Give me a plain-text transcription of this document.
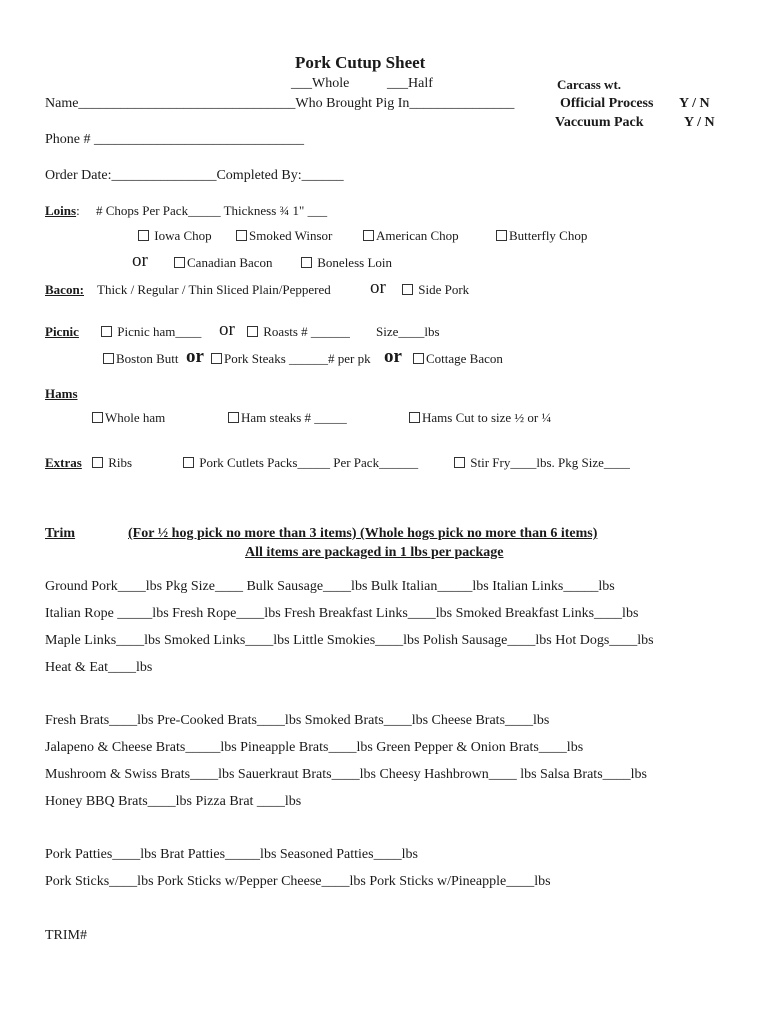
Pork Cutup Sheet
___Whole	___Half	Carcass wt.
Name_______________________________Who Brought Pig In_______________	Official Process Y / N
Vaccuum Pack	Y / N
Phone # ______________________________
Order Date:_______________Completed By:______
Loins: # Chops Per Pack_____ Thickness ¾ 1" ___
Iowa Chop	Smoked Winsor	American Chop	Butterfly Chop
or	Canadian Bacon	Boneless Loin
Bacon: Thick / Regular / Thin Sliced Plain/Peppered or	Side Pork
Picnic	Picnic ham____ or	Roasts # ______ Size____lbs
Boston Butt or	Pork Steaks ______# per pk or	Cottage Bacon
Hams
Whole ham	Ham steaks # _____	Hams Cut to size ½ or ¼
Extras	Ribs	Pork Cutlets Packs_____ Per Pack______	Stir Fry____lbs. Pkg Size____
Trim	(For ½ hog pick no more than 3 items) (Whole hogs pick no more than 6 items)
All items are packaged in 1 lbs per package
Ground Pork____lbs Pkg Size____ Bulk Sausage____lbs Bulk Italian_____lbs Italian Links_____lbs
Italian Rope _____lbs Fresh Rope____lbs Fresh Breakfast Links____lbs Smoked Breakfast Links____lbs
Maple Links____lbs Smoked Links____lbs Little Smokies____lbs Polish Sausage____lbs Hot Dogs____lbs
Heat & Eat____lbs
Fresh Brats____lbs Pre-Cooked Brats____lbs Smoked Brats____lbs Cheese Brats____lbs
Jalapeno & Cheese Brats_____lbs Pineapple Brats____lbs Green Pepper & Onion Brats____lbs
Mushroom & Swiss Brats____lbs Sauerkraut Brats____lbs Cheesy Hashbrown____ lbs Salsa Brats____lbs
Honey BBQ Brats____lbs Pizza Brat ____lbs
Pork Patties____lbs Brat Patties_____lbs Seasoned Patties____lbs
Pork Sticks____lbs Pork Sticks w/Pepper Cheese____lbs Pork Sticks w/Pineapple____lbs
TRIM#
